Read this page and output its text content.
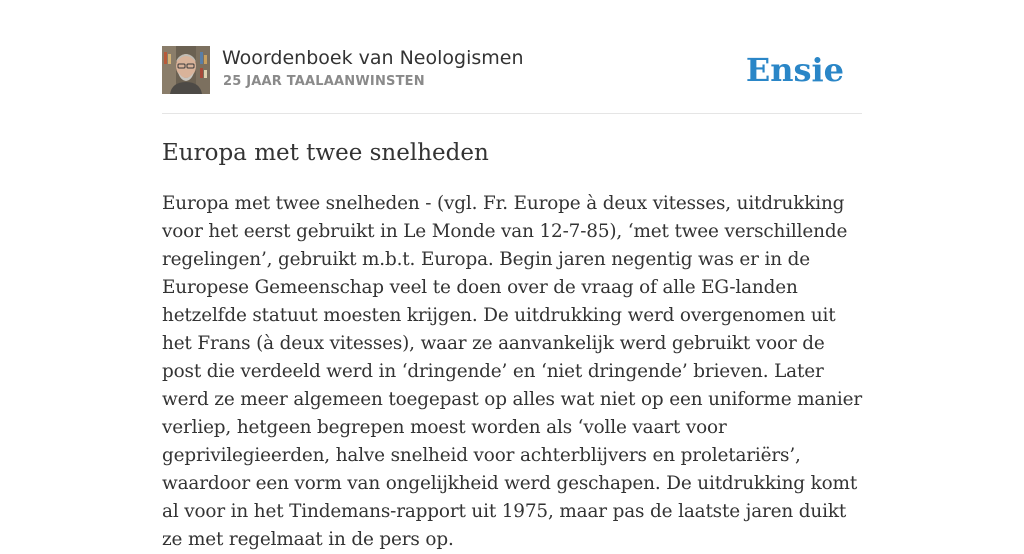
Woordenboek van Neologismen
25 JAAR TAALAANWINSTEN	Ensie
Europa met twee snelheden

Europa met twee snelheden - (vgl. Fr. Europe à deux vitesses, uitdrukking voor het eerst gebruikt in Le Monde van 12-7-85), ‘met twee verschillende regelingen’, gebruikt m.b.t. Europa. Begin jaren negentig was er in de Europese Gemeenschap veel te doen over de vraag of alle EG-landen hetzelfde statuut moesten krijgen. De uitdrukking werd overgenomen uit het Frans (à deux vitesses), waar ze aanvankelijk werd gebruikt voor de post die verdeeld werd in ‘dringende’ en ‘niet dringende’ brieven. Later werd ze meer algemeen toegepast op alles wat niet op een uniforme manier verliep, hetgeen begrepen moest worden als ‘volle vaart voor geprivilegieerden, halve snelheid voor achterblijvers en proletariërs’, waardoor een vorm van ongelijkheid werd geschapen. De uitdrukking komt al voor in het Tindemans-rapport uit 1975, maar pas de laatste jaren duikt ze met regelmaat in de pers op.
